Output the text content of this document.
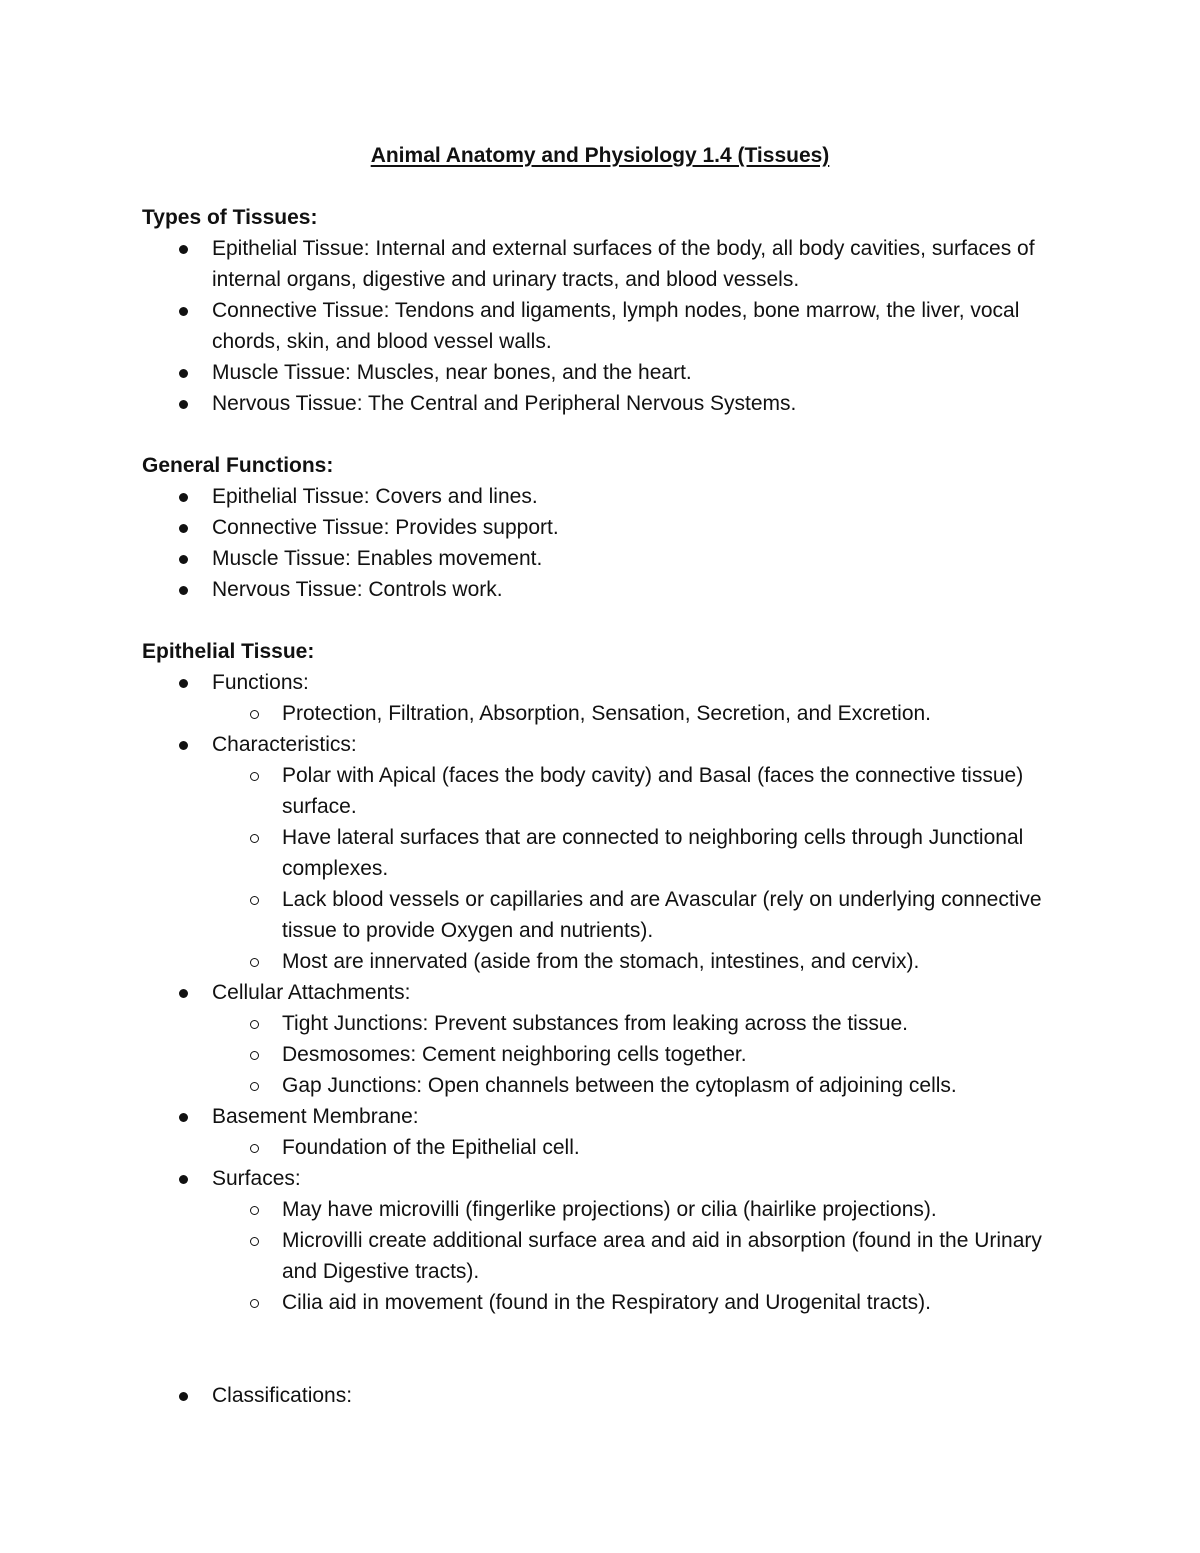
Animal Anatomy and Physiology 1.4 (Tissues)
Types of Tissues:
Epithelial Tissue: Internal and external surfaces of the body, all body cavities, surfaces of internal organs, digestive and urinary tracts, and blood vessels.
Connective Tissue: Tendons and ligaments, lymph nodes, bone marrow, the liver, vocal chords, skin, and blood vessel walls.
Muscle Tissue: Muscles, near bones, and the heart.
Nervous Tissue: The Central and Peripheral Nervous Systems.
General Functions:
Epithelial Tissue: Covers and lines.
Connective Tissue: Provides support.
Muscle Tissue: Enables movement.
Nervous Tissue: Controls work.
Epithelial Tissue:
Functions:
Protection, Filtration, Absorption, Sensation, Secretion, and Excretion.
Characteristics:
Polar with Apical (faces the body cavity) and Basal (faces the connective tissue) surface.
Have lateral surfaces that are connected to neighboring cells through Junctional complexes.
Lack blood vessels or capillaries and are Avascular (rely on underlying connective tissue to provide Oxygen and nutrients).
Most are innervated (aside from the stomach, intestines, and cervix).
Cellular Attachments:
Tight Junctions: Prevent substances from leaking across the tissue.
Desmosomes: Cement neighboring cells together.
Gap Junctions: Open channels between the cytoplasm of adjoining cells.
Basement Membrane:
Foundation of the Epithelial cell.
Surfaces:
May have microvilli (fingerlike projections) or cilia (hairlike projections).
Microvilli create additional surface area and aid in absorption (found in the Urinary and Digestive tracts).
Cilia aid in movement (found in the Respiratory and Urogenital tracts).
Classifications:
